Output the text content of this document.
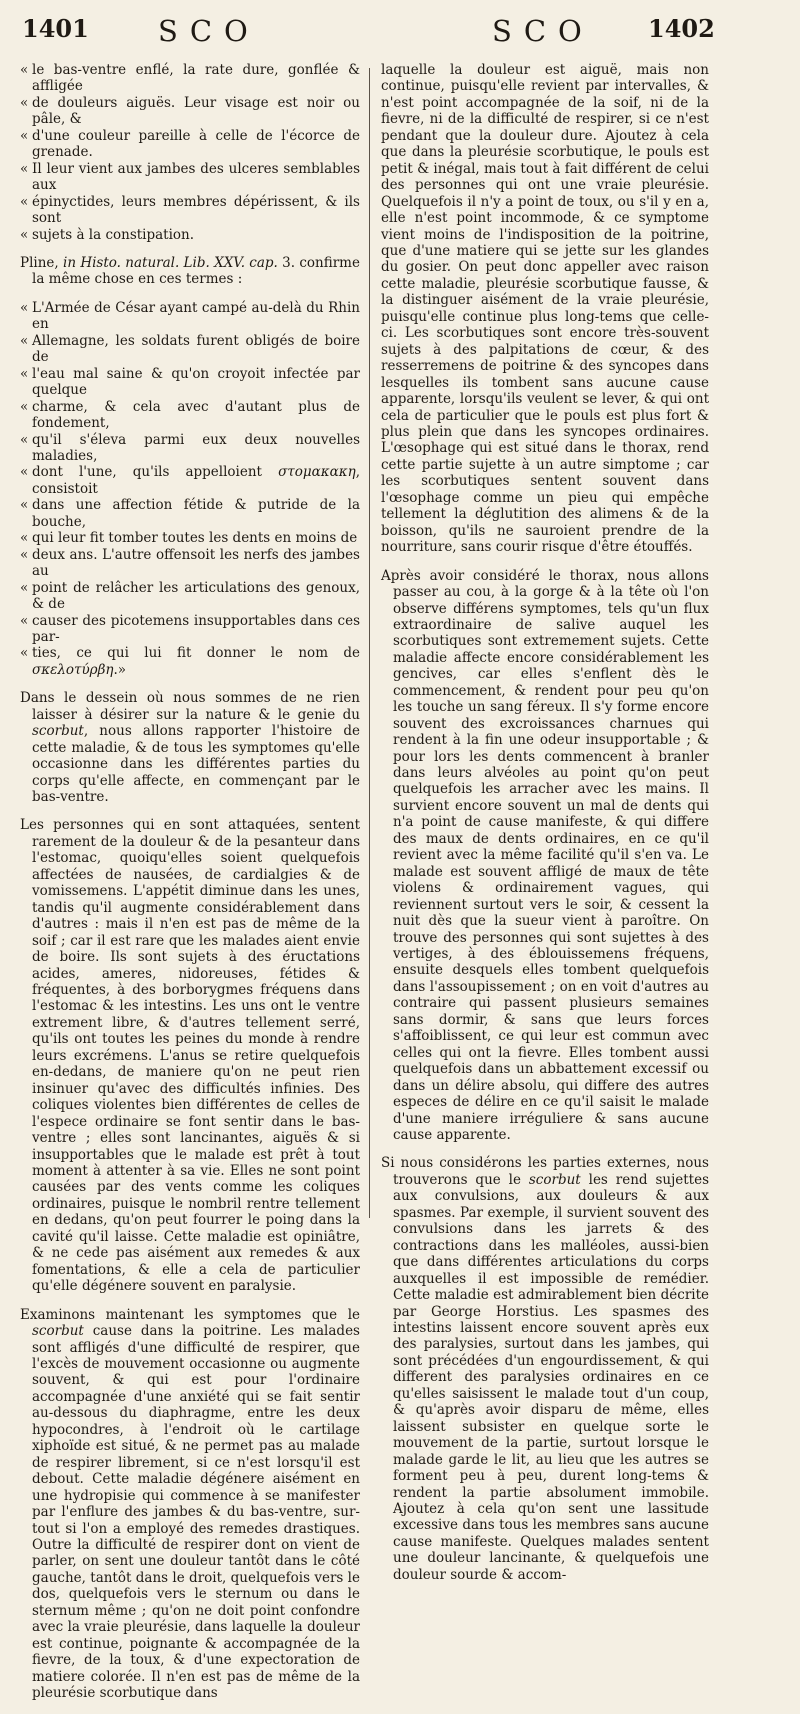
1401 SCO	SCO 1402
« le bas-ventre enflé, la rate dure, gonflée & affligée
« de douleurs aiguës. Leur visage est noir ou pâle, &
« d'une couleur pareille à celle de l'écorce de grenade.
« Il leur vient aux jambes des ulceres semblables aux
« épinyctides, leurs membres dépérissent, & ils sont
« sujets à la constipation.

Pline, in Histo. natural. Lib. XXV. cap. 3. confirme la même chose en ces termes :

« L'Armée de César ayant campé au-delà du Rhin en
« Allemagne, les soldats furent obligés de boire de
« l'eau mal saine & qu'on croyoit infectée par quelque
« charme, & cela avec d'autant plus de fondement,
« qu'il s'éleva parmi eux deux nouvelles maladies,
« dont l'une, qu'ils appelloient στομακακη, consistoit
« dans une affection fétide & putride de la bouche,
« qui leur fit tomber toutes les dents en moins de
« deux ans. L'autre offensoit les nerfs des jambes au
« point de relâcher les articulations des genoux, & de
« causer des picotemens insupportables dans ces par-
« ties, ce qui lui fit donner le nom de σκελοτύρβη.»

Dans le dessein où nous sommes de ne rien laisser à désirer sur la nature & le genie du scorbut, nous allons rapporter l'histoire de cette maladie, & de tous les symptomes qu'elle occasionne dans les différentes parties du corps qu'elle affecte, en commençant par le bas-ventre.

Les personnes qui en sont attaquées, sentent rarement de la douleur & de la pesanteur dans l'estomac, quoiqu'elles soient quelquefois affectées de nausées, de cardialgies & de vomissemens. L'appétit diminue dans les unes, tandis qu'il augmente considérablement dans d'autres : mais il n'en est pas de même de la soif ; car il est rare que les malades aient envie de boire. Ils sont sujets à des éructations acides, ameres, nidoreuses, fétides & fréquentes, à des borborygmes fréquens dans l'estomac & les intestins. Les uns ont le ventre extrement libre, & d'autres tellement serré, qu'ils ont toutes les peines du monde à rendre leurs excrémens. L'anus se retire quelquefois en-dedans, de maniere qu'on ne peut rien insinuer qu'avec des difficultés infinies. Des coliques violentes bien différentes de celles de l'espece ordinaire se font sentir dans le bas-ventre ; elles sont lancinantes, aiguës & si insupportables que le malade est prêt à tout moment à attenter à sa vie. Elles ne sont point causées par des vents comme les coliques ordinaires, puisque le nombril rentre tellement en dedans, qu'on peut fourrer le poing dans la cavité qu'il laisse. Cette maladie est opiniâtre, & ne cede pas aisément aux remedes & aux fomentations, & elle a cela de particulier qu'elle dégénere souvent en paralysie.

Examinons maintenant les symptomes que le scorbut cause dans la poitrine. Les malades sont affligés d'une difficulté de respirer, que l'excès de mouvement occasionne ou augmente souvent, & qui est pour l'ordinaire accompagnée d'une anxiété qui se fait sentir au-dessous du diaphragme, entre les deux hypocondres, à l'endroit où le cartilage xiphoïde est situé, & ne permet pas au malade de respirer librement, si ce n'est lorsqu'il est debout. Cette maladie dégénere aisément en une hydropisie qui commence à se manifester par l'enflure des jambes & du bas-ventre, sur-tout si l'on a employé des remedes drastiques. Outre la difficulté de respirer dont on vient de parler, on sent une douleur tantôt dans le côté gauche, tantôt dans le droit, quelquefois vers le dos, quelquefois vers le sternum ou dans le sternum même ; qu'on ne doit point confondre avec la vraie pleurésie, dans laquelle la douleur est continue, poignante & accompagnée de la fievre, de la toux, & d'une expectoration de matiere colorée. Il n'en est pas de même de la pleurésie scorbutique dans

laquelle la douleur est aiguë, mais non continue, puisqu'elle revient par intervalles, & n'est point accompagnée de la soif, ni de la fievre, ni de la difficulté de respirer, si ce n'est pendant que la douleur dure. Ajoutez à cela que dans la pleurésie scorbutique, le pouls est petit & inégal, mais tout à fait différent de celui des personnes qui ont une vraie pleurésie. Quelquefois il n'y a point de toux, ou s'il y en a, elle n'est point incommode, & ce symptome vient moins de l'indisposition de la poitrine, que d'une matiere qui se jette sur les glandes du gosier. On peut donc appeller avec raison cette maladie, pleurésie scorbutique fausse, & la distinguer aisément de la vraie pleurésie, puisqu'elle continue plus long-tems que celle-ci. Les scorbutiques sont encore très-souvent sujets à des palpitations de cœur, & des resserremens de poitrine & des syncopes dans lesquelles ils tombent sans aucune cause apparente, lorsqu'ils veulent se lever, & qui ont cela de particulier que le pouls est plus fort & plus plein que dans les syncopes ordinaires. L'œsophage qui est situé dans le thorax, rend cette partie sujette à un autre simptome ; car les scorbutiques sentent souvent dans l'œsophage comme un pieu qui empêche tellement la déglutition des alimens & de la boisson, qu'ils ne sauroient prendre de la nourriture, sans courir risque d'être étouffés.

Après avoir considéré le thorax, nous allons passer au cou, à la gorge & à la tête où l'on observe différens symptomes, tels qu'un flux extraordinaire de salive auquel les scorbutiques sont extremement sujets. Cette maladie affecte encore considérablement les gencives, car elles s'enflent dès le commencement, & rendent pour peu qu'on les touche un sang féreux. Il s'y forme encore souvent des excroissances charnues qui rendent à la fin une odeur insupportable ; & pour lors les dents commencent à branler dans leurs alvéoles au point qu'on peut quelquefois les arracher avec les mains. Il survient encore souvent un mal de dents qui n'a point de cause manifeste, & qui differe des maux de dents ordinaires, en ce qu'il revient avec la même facilité qu'il s'en va. Le malade est souvent affligé de maux de tête violens & ordinairement vagues, qui reviennent surtout vers le soir, & cessent la nuit dès que la sueur vient à paroître. On trouve des personnes qui sont sujettes à des vertiges, à des éblouissemens fréquens, ensuite desquels elles tombent quelquefois dans l'assoupissement ; on en voit d'autres au contraire qui passent plusieurs semaines sans dormir, & sans que leurs forces s'affoiblissent, ce qui leur est commun avec celles qui ont la fievre. Elles tombent aussi quelquefois dans un abbattement excessif ou dans un délire absolu, qui differe des autres especes de délire en ce qu'il saisit le malade d'une maniere irréguliere & sans aucune cause apparente.

Si nous considérons les parties externes, nous trouverons que le scorbut les rend sujettes aux convulsions, aux douleurs & aux spasmes. Par exemple, il survient souvent des convulsions dans les jarrets & des contractions dans les malléoles, aussi-bien que dans différentes articulations du corps auxquelles il est impossible de remédier. Cette maladie est admirablement bien décrite par George Horstius. Les spasmes des intestins laissent encore souvent après eux des paralysies, surtout dans les jambes, qui sont précédées d'un engourdissement, & qui different des paralysies ordinaires en ce qu'elles saisissent le malade tout d'un coup, & qu'après avoir disparu de même, elles laissent subsister en quelque sorte le mouvement de la partie, surtout lorsque le malade garde le lit, au lieu que les autres se forment peu à peu, durent long-tems & rendent la partie absolument immobile. Ajoutez à cela qu'on sent une lassitude excessive dans tous les membres sans aucune cause manifeste. Quelques malades sentent une douleur lancinante, & quelquefois une douleur sourde & accom-
